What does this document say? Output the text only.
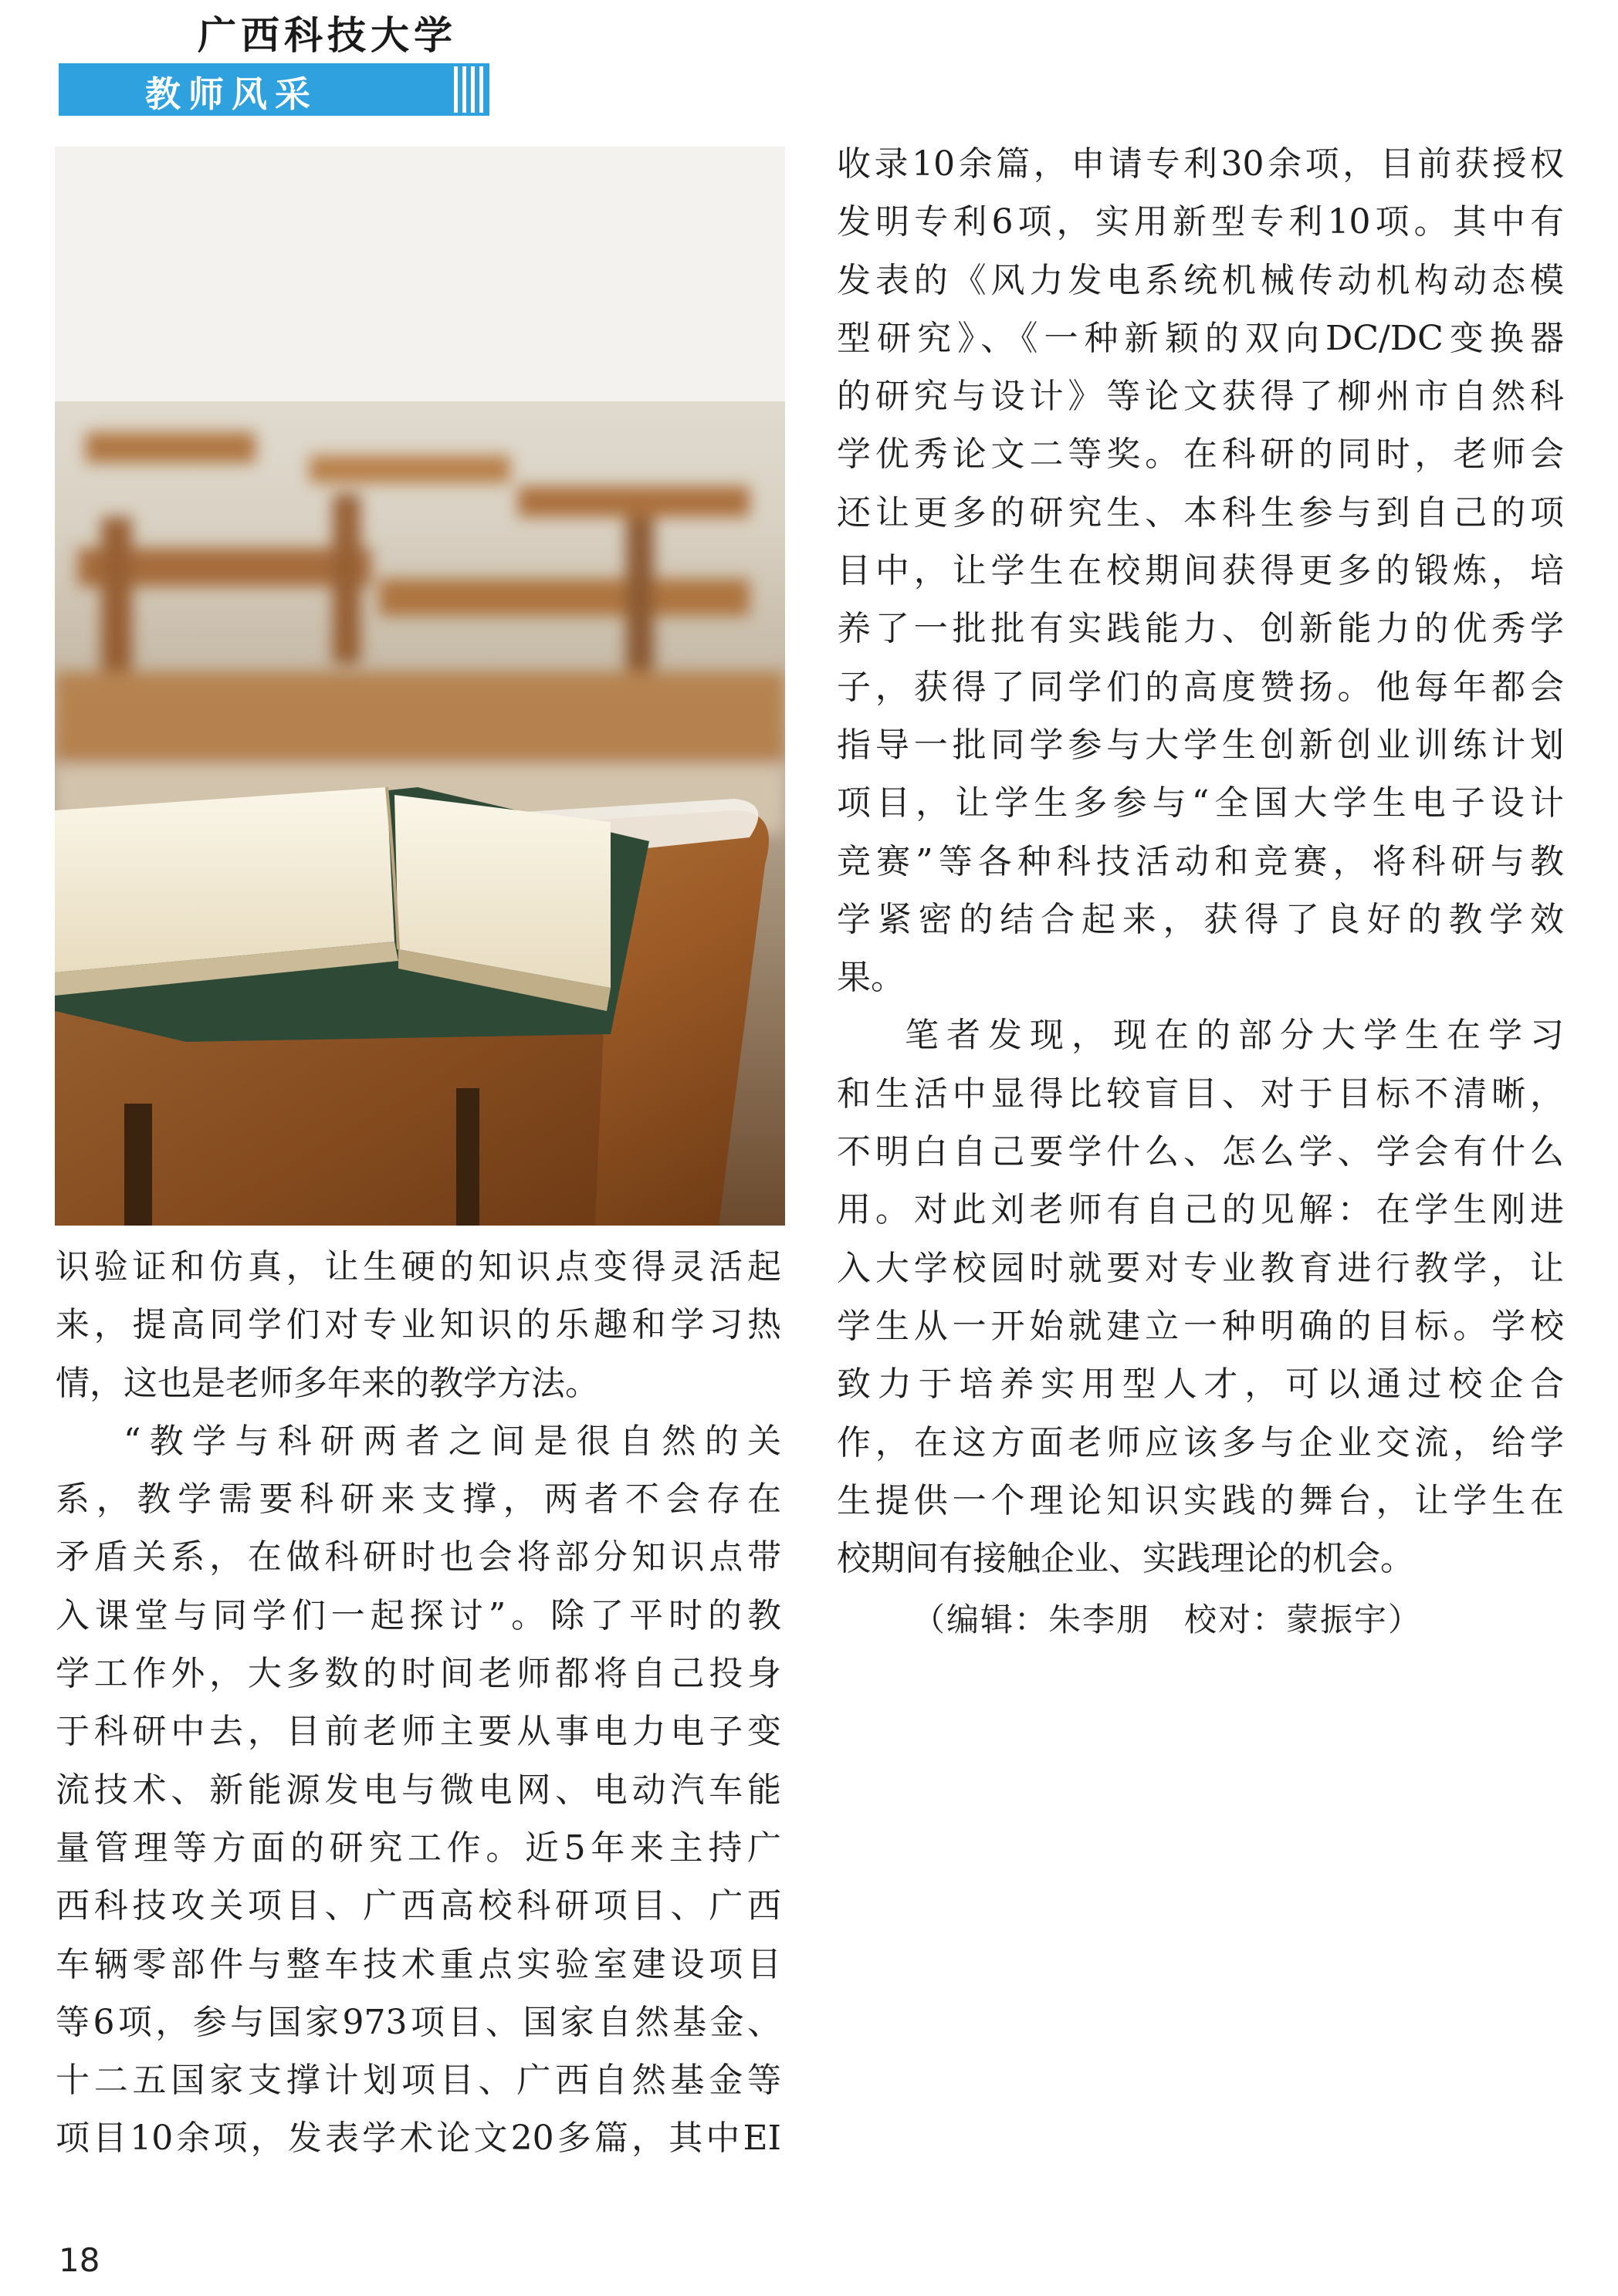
广西科技大学
教师风采

识验证和仿真，让生硬的知识点变得灵活起

来，提高同学们对专业知识的乐趣和学习热

情，这也是老师多年来的教学方法。

“教学与科研两者之间是很自然的关

系，教学需要科研来支撑，两者不会存在

矛盾关系，在做科研时也会将部分知识点带

入课堂与同学们一起探讨”。除了平时的教

学工作外，大多数的时间老师都将自己投身

于科研中去，目前老师主要从事电力电子变

流技术、新能源发电与微电网、电动汽车能

量管理等方面的研究工作。近5年来主持广

西科技攻关项目、广西高校科研项目、广西

车辆零部件与整车技术重点实验室建设项目

等6项，参与国家973项目、国家自然基金、

十二五国家支撑计划项目、广西自然基金等

项目10余项，发表学术论文20多篇，其中EI

收录10余篇，申请专利30余项，目前获授权

发明专利6项，实用新型专利10项。其中有

发表的《风力发电系统机械传动机构动态模

型研究》、《一种新颖的双向DC/DC变换器

的研究与设计》等论文获得了柳州市自然科

学优秀论文二等奖。在科研的同时，老师会

还让更多的研究生、本科生参与到自己的项

目中，让学生在校期间获得更多的锻炼，培

养了一批批有实践能力、创新能力的优秀学

子，获得了同学们的高度赞扬。他每年都会

指导一批同学参与大学生创新创业训练计划

项目，让学生多参与“全国大学生电子设计

竞赛”等各种科技活动和竞赛，将科研与教

学紧密的结合起来，获得了良好的教学效

果。

笔者发现，现在的部分大学生在学习

和生活中显得比较盲目、对于目标不清晰，

不明白自己要学什么、怎么学、学会有什么

用。对此刘老师有自己的见解：在学生刚进

入大学校园时就要对专业教育进行教学，让

学生从一开始就建立一种明确的目标。学校

致力于培养实用型人才，可以通过校企合

作，在这方面老师应该多与企业交流，给学

生提供一个理论知识实践的舞台，让学生在

校期间有接触企业、实践理论的机会。

（编辑：朱李朋　校对：蒙振宇）
18
